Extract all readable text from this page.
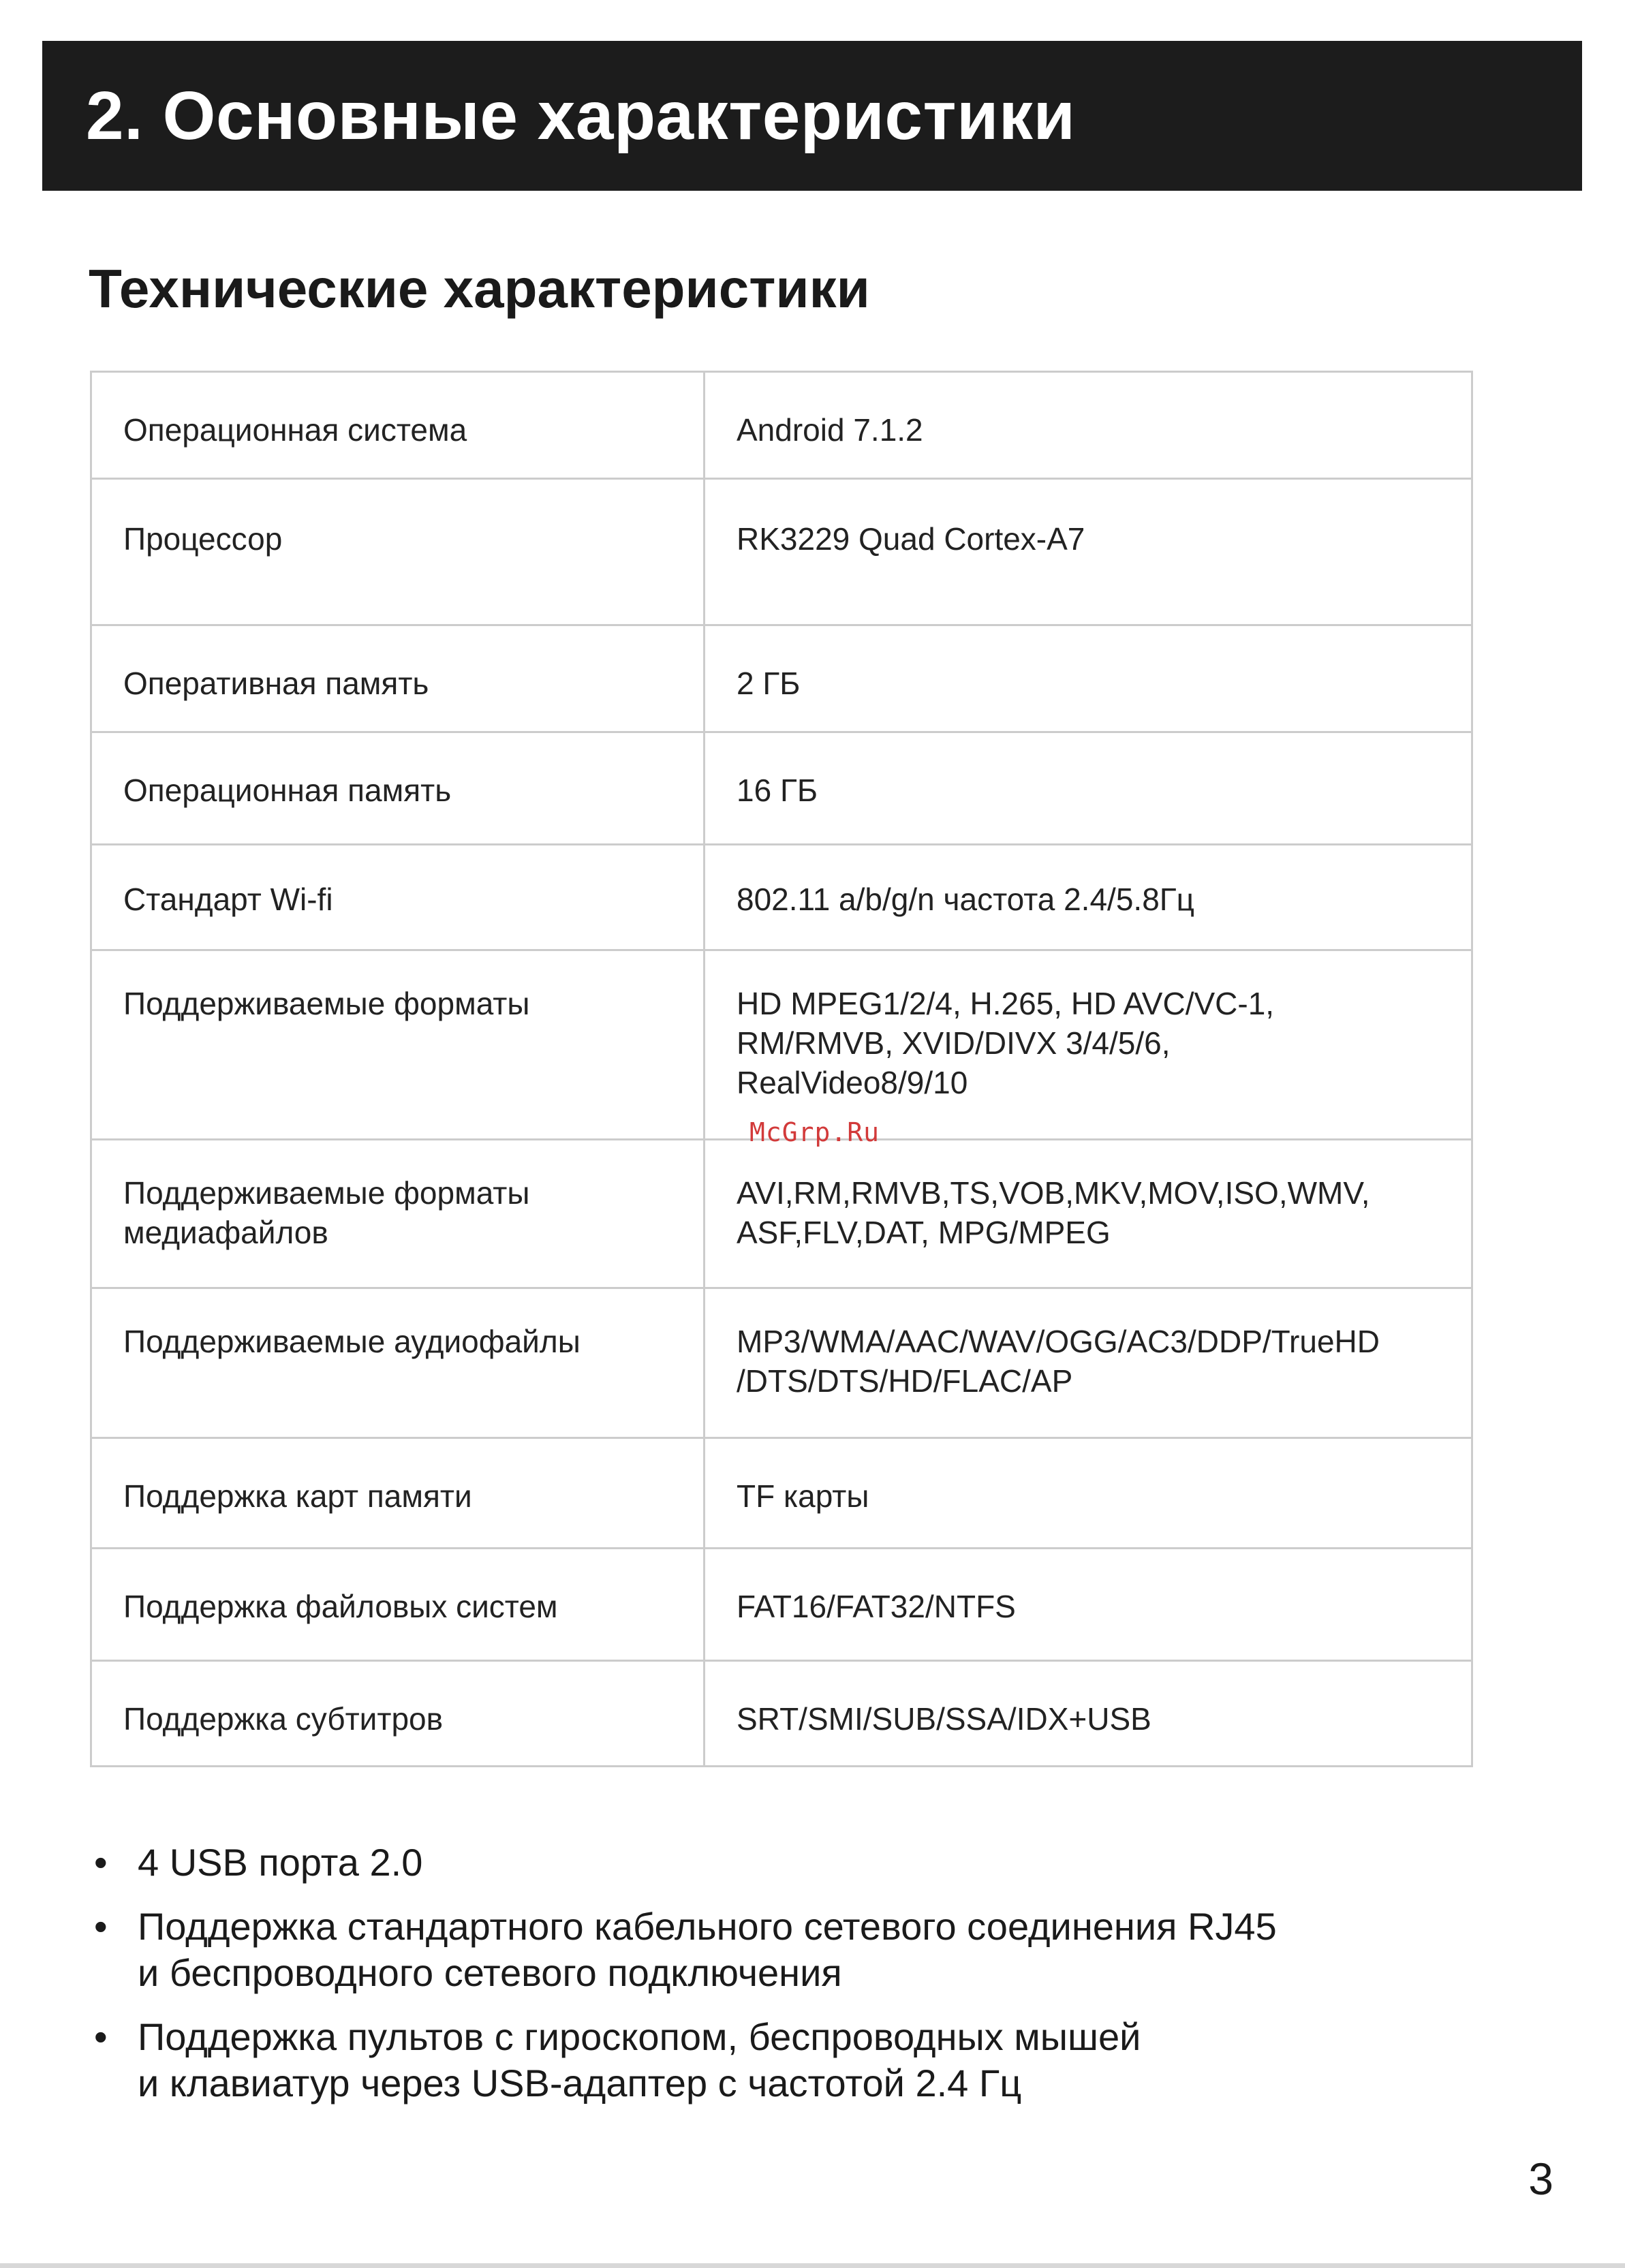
2. Основные характеристики
Технические характеристики
Операционная система	Android 7.1.2

Процессор	RK3229 Quad Cortex-A7

Оперативная память	2 ГБ

Операционная память	16 ГБ

Стандарт Wi-fi	802.11 a/b/g/n частота 2.4/5.8Гц

Поддерживаемые форматы	HD MPEG1/2/4, H.265, HD AVC/VC-1,
RM/RMVB, XVID/DIVX 3/4/5/6,
RealVideo8/9/10

Поддерживаемые форматы
медиафайлов	AVI,RM,RMVB,TS,VOB,MKV,MOV,ISO,WMV,
ASF,FLV,DAT, MPG/MPEG

Поддерживаемые аудиофайлы	MP3/WMA/AAC/WAV/OGG/AC3/DDP/TrueHD
/DTS/DTS/HD/FLAC/AP

Поддержка карт памяти	TF карты

Поддержка файловых систем	FAT16/FAT32/NTFS

Поддержка субтитров	SRT/SMI/SUB/SSA/IDX+USB
McGrp.Ru
• 4 USB порта 2.0
• Поддержка стандартного кабельного сетевого соединения RJ45
и беспроводного сетевого подключения
• Поддержка пультов с гироскопом, беспроводных мышей
и клавиатур через USB-адаптер с частотой 2.4 Гц
3
